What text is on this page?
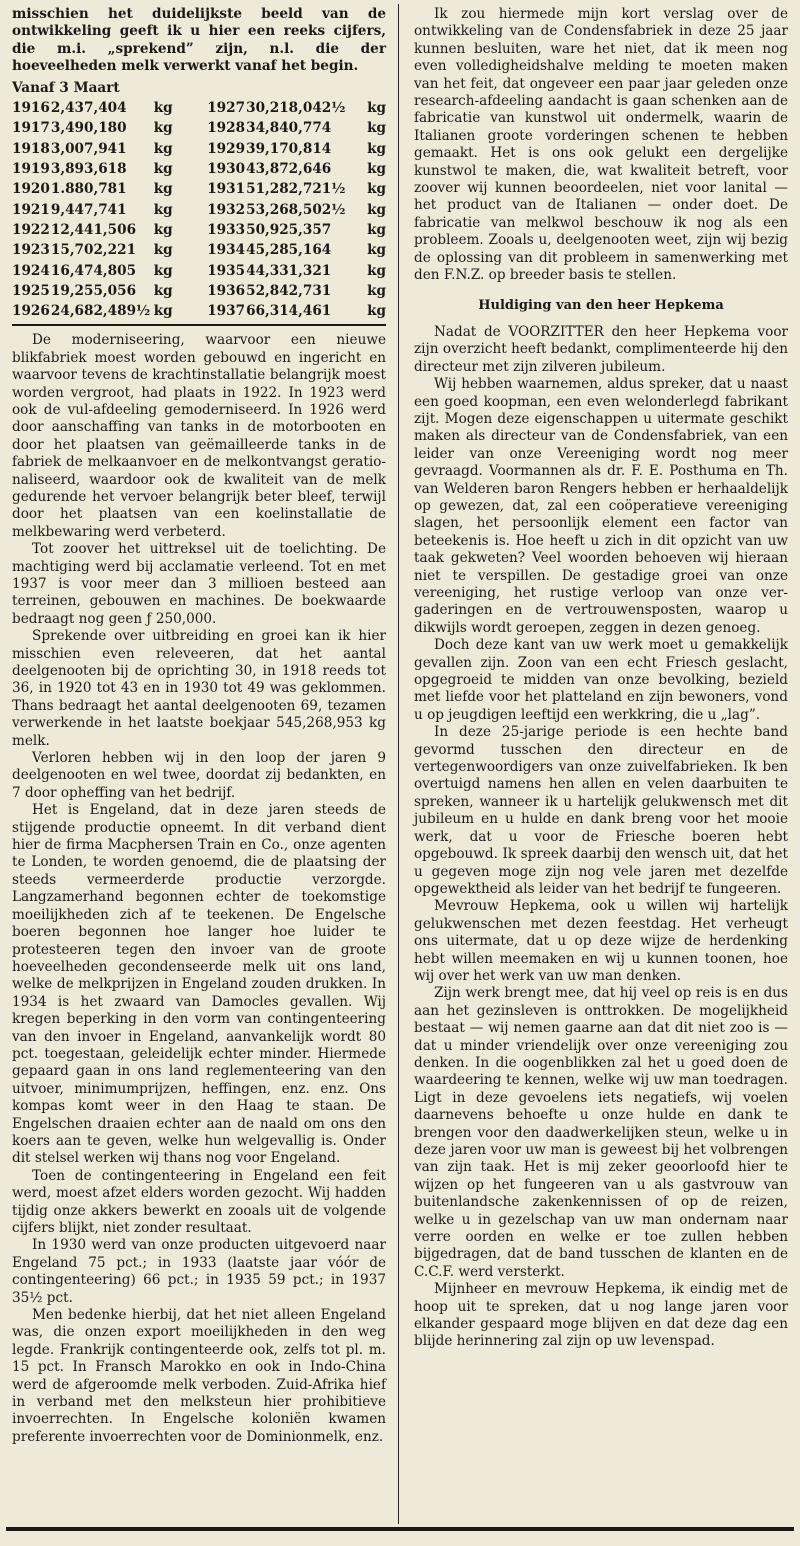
misschien het duidelijkste beeld van de ontwikkeling geeft ik u hier een reeks cijfers, die m.i. „sprekend” zijn, n.l. die der hoeveelheden melk verwerkt vanaf het begin.

Vanaf 3 Maart

1916	2,437,404	kg	1927	30,218,042½	kg
1917	3,490,180	kg	1928	34,840,774	kg
1918	3,007,941	kg	1929	39,170,814	kg
1919	3,893,618	kg	1930	43,872,646	kg
1920	1.880,781	kg	1931	51,282,721½	kg
1921	9,447,741	kg	1932	53,268,502½	kg
1922	12,441,506	kg	1933	50,925,357	kg
1923	15,702,221	kg	1934	45,285,164	kg
1924	16,474,805	kg	1935	44,331,321	kg
1925	19,255,056	kg	1936	52,842,731	kg
1926	24,682,489½	kg	1937	66,314,461	kg

De moderniseering, waarvoor een nieuwe blikfabriek moest worden gebouwd en ingericht en waarvoor tevens de krachtinstallatie belangrijk moest worden vergroot, had plaats in 1922. In 1923 werd ook de vul-afdeeling gemoderniseerd. In 1926 werd door aanschaffing van tanks in de motorbooten en door het plaatsen van geëmailleerde tanks in de fabriek de melkaanvoer en de melkontvangst gerationaliseerd, waardoor ook de kwaliteit van de melk gedurende het vervoer belangrijk beter bleef, terwijl door het plaatsen van een koelinstallatie de melkbewaring werd verbeterd.

Tot zoover het uittreksel uit de toelichting. De machtiging werd bij acclamatie verleend. Tot en met 1937 is voor meer dan 3 millioen besteed aan terreinen, gebouwen en machines. De boekwaarde bedraagt nog geen ƒ 250,000.

Sprekende over uitbreiding en groei kan ik hier misschien even releveeren, dat het aantal deelgenooten bij de oprichting 30, in 1918 reeds tot 36, in 1920 tot 43 en in 1930 tot 49 was geklommen. Thans bedraagt het aantal deelgenooten 69, tezamen verwerkende in het laatste boekjaar 545,268,953 kg melk.

Verloren hebben wij in den loop der jaren 9 deelgenooten en wel twee, doordat zij bedankten, en 7 door opheffing van het bedrijf.

Het is Engeland, dat in deze jaren steeds de stijgende productie opneemt. In dit verband dient hier de firma Macphersen Train en Co., onze agenten te Londen, te worden genoemd, die de plaatsing der steeds vermeerderde productie verzorgde. Langzamerhand begonnen echter de toekomstige moeilijkheden zich af te teekenen. De Engelsche boeren begonnen hoe langer hoe luider te protesteeren tegen den invoer van de groote hoeveelheden gecondenseerde melk uit ons land, welke de melkprijzen in Engeland zouden drukken. In 1934 is het zwaard van Damocles gevallen. Wij kregen beperking in den vorm van contingenteering van den invoer in Engeland, aanvankelijk wordt 80 pct. toegestaan, geleidelijk echter minder. Hiermede gepaard gaan in ons land reglementeering van den uitvoer, minimumprijzen, heffingen, enz. enz. Ons kompas komt weer in den Haag te staan. De Engelschen draaien echter aan de naald om ons den koers aan te geven, welke hun welgevallig is. Onder dit stelsel werken wij thans nog voor Engeland.

Toen de contingenteering in Engeland een feit werd, moest afzet elders worden gezocht. Wij hadden tijdig onze akkers bewerkt en zooals uit de volgende cijfers blijkt, niet zonder resultaat.

In 1930 werd van onze producten uitgevoerd naar Engeland 75 pct.; in 1933 (laatste jaar vóór de contingenteering) 66 pct.; in 1935 59 pct.; in 1937 35½ pct.

Men bedenke hierbij, dat het niet alleen Engeland was, die onzen export moeilijkheden in den weg legde. Frankrijk contingenteerde ook, zelfs tot pl. m. 15 pct. In Fransch Marokko en ook in Indo-China werd de afgeroomde melk verboden. Zuid-Afrika hief in verband met den melksteun hier prohibitieve invoerrechten. In Engelsche koloniën kwamen preferente invoerrechten voor de Dominionmelk, enz.

Ik zou hiermede mijn kort verslag over de ontwikkeling van de Condensfabriek in deze 25 jaar kunnen besluiten, ware het niet, dat ik meen nog even volledigheidshalve melding te moeten maken van het feit, dat ongeveer een paar jaar geleden onze research-afdeeling aandacht is gaan schenken aan de fabricatie van kunstwol uit ondermelk, waarin de Italianen groote vorderingen schenen te hebben gemaakt. Het is ons ook gelukt een dergelijke kunstwol te maken, die, wat kwaliteit betreft, voor zoover wij kunnen beoordeelen, niet voor lanital — het product van de Italianen — onder doet. De fabricatie van melkwol beschouw ik nog als een probleem. Zooals u, deelgenooten weet, zijn wij bezig de oplossing van dit probleem in samenwerking met den F.N.Z. op breeder basis te stellen.

Huldiging van den heer Hepkema

Nadat de VOORZITTER den heer Hepkema voor zijn overzicht heeft bedankt, complimenteerde hij den directeur met zijn zilveren jubileum.

Wij hebben waarnemen, aldus spreker, dat u naast een goed koopman, een even welonderlegd fabrikant zijt. Mogen deze eigenschappen u uitermate geschikt maken als directeur van de Condensfabriek, van een leider van onze Vereeniging wordt nog meer gevraagd. Voormannen als dr. F. E. Posthuma en Th. van Welderen baron Rengers hebben er herhaaldelijk op gewezen, dat, zal een coöperatieve vereeniging slagen, het persoonlijk element een factor van beteekenis is. Hoe heeft u zich in dit opzicht van uw taak gekweten? Veel woorden behoeven wij hieraan niet te verspillen. De gestadige groei van onze vereeniging, het rustige verloop van onze vergaderingen en de vertrouwensposten, waarop u dikwijls wordt geroepen, zeggen in dezen genoeg.

Doch deze kant van uw werk moet u gemakkelijk gevallen zijn. Zoon van een echt Friesch geslacht, opgegroeid te midden van onze bevolking, bezield met liefde voor het platteland en zijn bewoners, vond u op jeugdigen leeftijd een werkkring, die u „lag”.

In deze 25-jarige periode is een hechte band gevormd tusschen den directeur en de vertegenwoordigers van onze zuivelfabrieken. Ik ben overtuigd namens hen allen en velen daarbuiten te spreken, wanneer ik u hartelijk gelukwensch met dit jubileum en u hulde en dank breng voor het mooie werk, dat u voor de Friesche boeren hebt opgebouwd. Ik spreek daarbij den wensch uit, dat het u gegeven moge zijn nog vele jaren met dezelfde opgewektheid als leider van het bedrijf te fungeeren.

Mevrouw Hepkema, ook u willen wij hartelijk gelukwenschen met dezen feestdag. Het verheugt ons uitermate, dat u op deze wijze de herdenking hebt willen meemaken en wij u kunnen toonen, hoe wij over het werk van uw man denken.

Zijn werk brengt mee, dat hij veel op reis is en dus aan het gezinsleven is onttrokken. De mogelijkheid bestaat — wij nemen gaarne aan dat dit niet zoo is — dat u minder vriendelijk over onze vereeniging zou denken. In die oogenblikken zal het u goed doen de waardeering te kennen, welke wij uw man toedragen. Ligt in deze gevoelens iets negatiefs, wij voelen daarnevens behoefte u onze hulde en dank te brengen voor den daadwerkelijken steun, welke u in deze jaren voor uw man is geweest bij het volbrengen van zijn taak. Het is mij zeker geoorloofd hier te wijzen op het fungeeren van u als gastvrouw van buitenlandsche zakenkennissen of op de reizen, welke u in gezelschap van uw man ondernam naar verre oorden en welke er toe zullen hebben bijgedragen, dat de band tusschen de klanten en de C.C.F. werd versterkt.

Mijnheer en mevrouw Hepkema, ik eindig met de hoop uit te spreken, dat u nog lange jaren voor elkander gespaard moge blijven en dat deze dag een blijde herinnering zal zijn op uw levenspad.
